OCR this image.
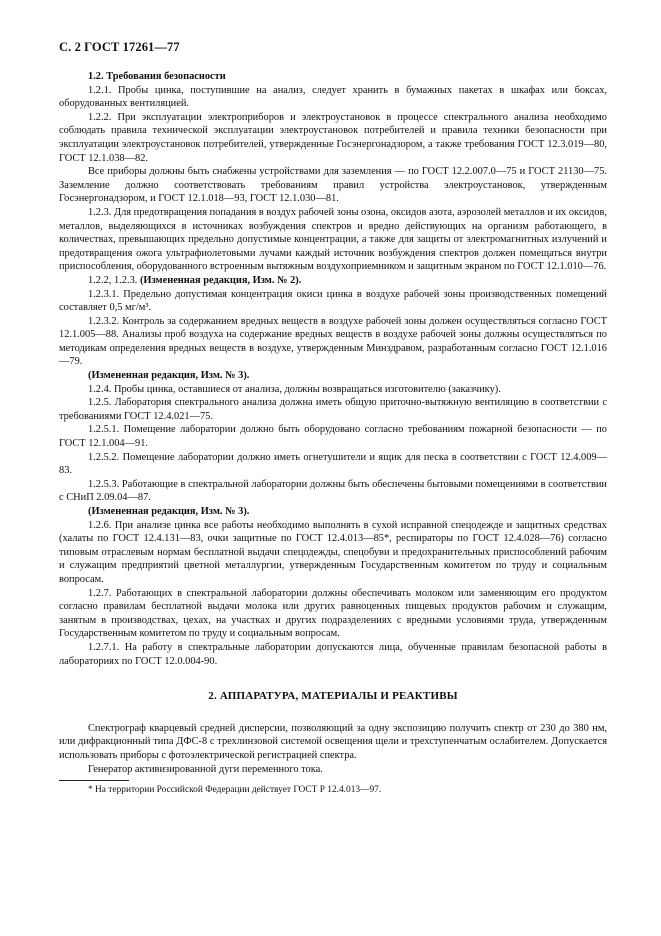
С. 2 ГОСТ 17261—77

1.2. Требования безопасности

1.2.1. Пробы цинка, поступившие на анализ, следует хранить в бумажных пакетах в шкафах или боксах, оборудованных вентиляцией.

1.2.2. При эксплуатации электроприборов и электроустановок в процессе спектрального анализа необходимо соблюдать правила технической эксплуатации электроустановок потребителей и правила техники безопасности при эксплуатации электроустановок потребителей, утвержденные Госэнергонадзором, а также требования ГОСТ 12.3.019—80, ГОСТ 12.1.038—82.

Все приборы должны быть снабжены устройствами для заземления — по ГОСТ 12.2.007.0—75 и ГОСТ 21130—75. Заземление должно соответствовать требованиям правил устройства электроустановок, утвержденным Госэнергонадзором, и ГОСТ 12.1.018—93, ГОСТ 12.1.030—81.

1.2.3. Для предотвращения попадания в воздух рабочей зоны озона, оксидов азота, аэрозолей металлов и их оксидов, металлов, выделяющихся в источниках возбуждения спектров и вредно действующих на организм работающего, в количествах, превышающих предельно допустимые концентрации, а также для защиты от электромагнитных излучений и предотвращения ожога ультрафиолетовыми лучами каждый источник возбуждения спектров должен помещаться внутри приспособления, оборудованного встроенным вытяжным воздухоприемником и защитным экраном по ГОСТ 12.1.010—76.

1.2.2, 1.2.3. (Измененная редакция, Изм. № 2).

1.2.3.1. Предельно допустимая концентрация окиси цинка в воздухе рабочей зоны производственных помещений составляет 0,5 мг/м³.

1.2.3.2. Контроль за содержанием вредных веществ в воздухе рабочей зоны должен осуществляться согласно ГОСТ 12.1.005—88. Анализы проб воздуха на содержание вредных веществ в воздухе рабочей зоны должны осуществляться по методикам определения вредных веществ в воздухе, утвержденным Минздравом, разработанным согласно ГОСТ 12.1.016—79.

(Измененная редакция, Изм. № 3).

1.2.4. Пробы цинка, оставшиеся от анализа, должны возвращаться изготовителю (заказчику).

1.2.5. Лаборатория спектрального анализа должна иметь общую приточно-вытяжную вентиляцию в соответствии с требованиями ГОСТ 12.4.021—75.

1.2.5.1. Помещение лаборатории должно быть оборудовано согласно требованиям пожарной безопасности — по ГОСТ 12.1.004—91.

1.2.5.2. Помещение лаборатории должно иметь огнетушители и ящик для песка в соответствии с ГОСТ 12.4.009—83.

1.2.5.3. Работающие в спектральной лаборатории должны быть обеспечены бытовыми помещениями в соответствии с СНиП 2.09.04—87.

(Измененная редакция, Изм. № 3).

1.2.6. При анализе цинка все работы необходимо выполнять в сухой исправной спецодежде и защитных средствах (халаты по ГОСТ 12.4.131—83, очки защитные по ГОСТ 12.4.013—85*, респираторы по ГОСТ 12.4.028—76) согласно типовым отраслевым нормам бесплатной выдачи спецодежды, спецобуви и предохранительных приспособлений рабочим и служащим предприятий цветной металлургии, утвержденным Государственным комитетом по труду и социальным вопросам.

1.2.7. Работающих в спектральной лаборатории должны обеспечивать молоком или заменяющим его продуктом согласно правилам бесплатной выдачи молока или других равноценных пищевых продуктов рабочим и служащим, занятым в производствах, цехах, на участках и других подразделениях с вредными условиями труда, утвержденным Государственным комитетом по труду и социальным вопросам.

1.2.7.1. На работу в спектральные лаборатории допускаются лица, обученные правилам безопасной работы в лабораториях по ГОСТ 12.0.004-90.

2. АППАРАТУРА, МАТЕРИАЛЫ И РЕАКТИВЫ

Спектрограф кварцевый средней дисперсии, позволяющий за одну экспозицию получить спектр от 230 до 380 нм, или дифракционный типа ДФС-8 с трехлинзовой системой освещения щели и трехступенчатым ослабителем. Допускается использовать приборы с фотоэлектрической регистрацией спектра.

Генератор активизированной дуги переменного тока.

* На территории Российской Федерации действует ГОСТ Р 12.4.013—97.
